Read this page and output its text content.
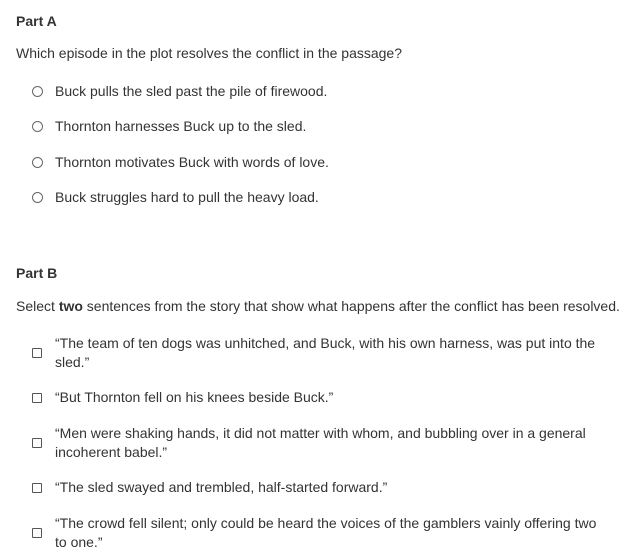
Part A
Which episode in the plot resolves the conflict in the passage?
Buck pulls the sled past the pile of firewood.
Thornton harnesses Buck up to the sled.
Thornton motivates Buck with words of love.
Buck struggles hard to pull the heavy load.
Part B
Select two sentences from the story that show what happens after the conflict has been resolved.
“The team of ten dogs was unhitched, and Buck, with his own harness, was put into the sled.”
“But Thornton fell on his knees beside Buck.”
“Men were shaking hands, it did not matter with whom, and bubbling over in a general incoherent babel.”
“The sled swayed and trembled, half-started forward.”
“The crowd fell silent; only could be heard the voices of the gamblers vainly offering two to one.”
